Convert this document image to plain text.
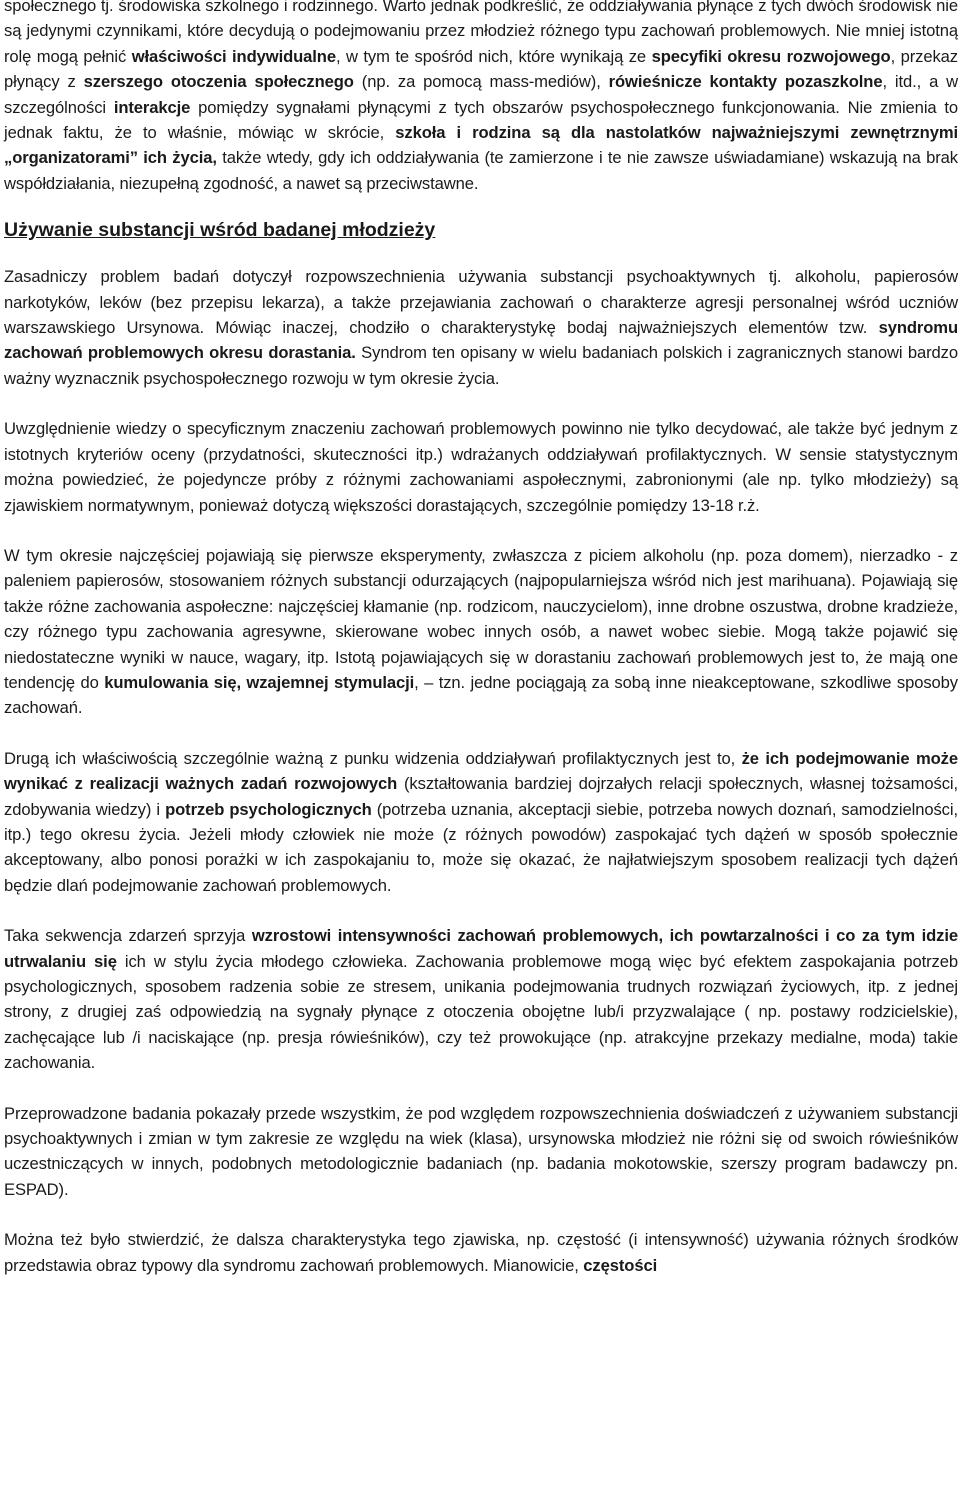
społecznego tj. środowiska szkolnego i rodzinnego. Warto jednak podkreślić, że oddziaływania płynące z tych dwóch środowisk nie są jedynymi czynnikami, które decydują o podejmowaniu przez młodzież różnego typu zachowań problemowych. Nie mniej istotną rolę mogą pełnić właściwości indywidualne, w tym te spośród nich, które wynikają ze specyfiki okresu rozwojowego, przekaz płynący z szerszego otoczenia społecznego (np. za pomocą mass-mediów), rówieśnicze kontakty pozaszkolne, itd., a w szczególności interakcje pomiędzy sygnałami płynącymi z tych obszarów psychospołecznego funkcjonowania. Nie zmienia to jednak faktu, że to właśnie, mówiąc w skrócie, szkoła i rodzina są dla nastolatków najważniejszymi zewnętrznymi „organizatorami” ich życia, także wtedy, gdy ich oddziaływania (te zamierzone i te nie zawsze uświadamiane) wskazują na brak współdziałania, niezupełną zgodność, a nawet są przeciwstawne.

Używanie substancji wśród badanej młodzieży

Zasadniczy problem badań dotyczył rozpowszechnienia używania substancji psychoaktywnych tj. alkoholu, papierosów narkotyków, leków (bez przepisu lekarza), a także przejawiania zachowań o charakterze agresji personalnej wśród uczniów warszawskiego Ursynowa. Mówiąc inaczej, chodziło o charakterystykę bodaj najważniejszych elementów tzw. syndromu zachowań problemowych okresu dorastania. Syndrom ten opisany w wielu badaniach polskich i zagranicznych stanowi bardzo ważny wyznacznik psychospołecznego rozwoju w tym okresie życia.

Uwzględnienie wiedzy o specyficznym znaczeniu zachowań problemowych powinno nie tylko decydować, ale także być jednym z istotnych kryteriów oceny (przydatności, skuteczności itp.) wdrażanych oddziaływań profilaktycznych. W sensie statystycznym można powiedzieć, że pojedyncze próby z różnymi zachowaniami aspołecznymi, zabronionymi (ale np. tylko młodzieży) są zjawiskiem normatywnym, ponieważ dotyczą większości dorastających, szczególnie pomiędzy 13-18 r.ż.

W tym okresie najczęściej pojawiają się pierwsze eksperymenty, zwłaszcza z piciem alkoholu (np. poza domem), nierzadko - z paleniem papierosów, stosowaniem różnych substancji odurzających (najpopularniejsza wśród nich jest marihuana). Pojawiają się także różne zachowania aspołeczne: najczęściej kłamanie (np. rodzicom, nauczycielom), inne drobne oszustwa, drobne kradzieże, czy różnego typu zachowania agresywne, skierowane wobec innych osób, a nawet wobec siebie. Mogą także pojawić się niedostateczne wyniki w nauce, wagary, itp. Istotą pojawiających się w dorastaniu zachowań problemowych jest to, że mają one tendencję do kumulowania się, wzajemnej stymulacji, – tzn. jedne pociągają za sobą inne nieakceptowane, szkodliwe sposoby zachowań.

Drugą ich właściwością szczególnie ważną z punku widzenia oddziaływań profilaktycznych jest to, że ich podejmowanie może wynikać z realizacji ważnych zadań rozwojowych (kształtowania bardziej dojrzałych relacji społecznych, własnej tożsamości, zdobywania wiedzy) i potrzeb psychologicznych (potrzeba uznania, akceptacji siebie, potrzeba nowych doznań, samodzielności, itp.) tego okresu życia. Jeżeli młody człowiek nie może (z różnych powodów) zaspokajać tych dążeń w sposób społecznie akceptowany, albo ponosi porażki w ich zaspokajaniu to, może się okazać, że najłatwiejszym sposobem realizacji tych dążeń będzie dlań podejmowanie zachowań problemowych.

Taka sekwencja zdarzeń sprzyja wzrostowi intensywności zachowań problemowych, ich powtarzalności i co za tym idzie utrwalaniu się ich w stylu życia młodego człowieka. Zachowania problemowe mogą więc być efektem zaspokajania potrzeb psychologicznych, sposobem radzenia sobie ze stresem, unikania podejmowania trudnych rozwiązań życiowych, itp. z jednej strony, z drugiej zaś odpowiedzią na sygnały płynące z otoczenia obojętne lub/i przyzwalające ( np. postawy rodzicielskie), zachęcające lub /i naciskające (np. presja rówieśników), czy też prowokujące (np. atrakcyjne przekazy medialne, moda) takie zachowania.

Przeprowadzone badania pokazały przede wszystkim, że pod względem rozpowszechnienia doświadczeń z używaniem substancji psychoaktywnych i zmian w tym zakresie ze względu na wiek (klasa), ursynowska młodzież nie różni się od swoich rówieśników uczestniczących w innych, podobnych metodologicznie badaniach (np. badania mokotowskie, szerszy program badawczy pn. ESPAD).

Można też było stwierdzić, że dalsza charakterystyka tego zjawiska, np. częstość (i intensywność) używania różnych środków przedstawia obraz typowy dla syndromu zachowań problemowych. Mianowicie, częstości
